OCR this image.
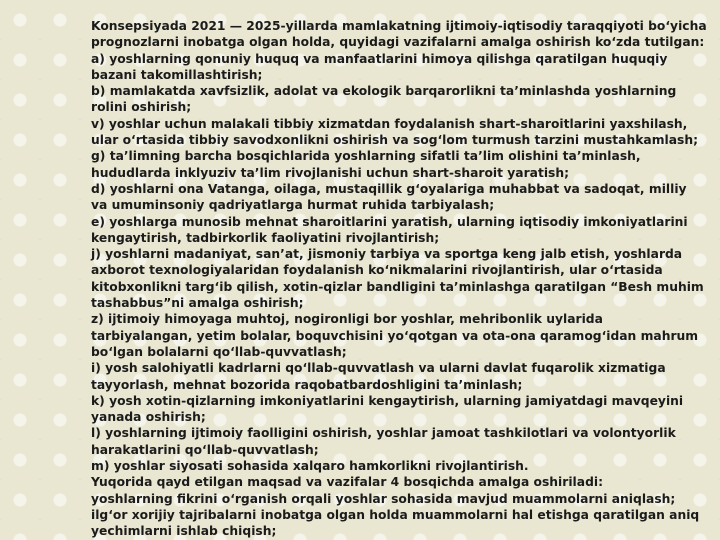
Konsepsiyada 2021 — 2025-yillarda mamlakatning ijtimoiy-iqtisodiy taraqqiyoti bo‘yicha prognozlarni inobatga olgan holda, quyidagi vazifalarni amalga oshirish ko‘zda tutilgan:

a) yoshlarning qonuniy huquq va manfaatlarini himoya qilishga qaratilgan huquqiy bazani takomillashtirish;

b) mamlakatda xavfsizlik, adolat va ekologik barqarorlikni ta’minlashda yoshlarning rolini oshirish;

v) yoshlar uchun malakali tibbiy xizmatdan foydalanish shart-sharoitlarini yaxshilash, ular o‘rtasida tibbiy savodxonlikni oshirish va sog‘lom turmush tarzini mustahkamlash;

g) ta’limning barcha bosqichlarida yoshlarning sifatli ta’lim olishini ta’minlash, hududlarda inklyuziv ta’lim rivojlanishi uchun shart-sharoit yaratish;

d) yoshlarni ona Vatanga, oilaga, mustaqillik g‘oyalariga muhabbat va sadoqat, milliy va umuminsoniy qadriyatlarga hurmat ruhida tarbiyalash;

e) yoshlarga munosib mehnat sharoitlarini yaratish, ularning iqtisodiy imkoniyatlarini kengaytirish, tadbirkorlik faoliyatini rivojlantirish;

j) yoshlarni madaniyat, san’at, jismoniy tarbiya va sportga keng jalb etish, yoshlarda axborot texnologiyalaridan foydalanish ko‘nikmalarini rivojlantirish, ular o‘rtasida kitobxonlikni targ‘ib qilish, xotin-qizlar bandligini ta’minlashga qaratilgan “Besh muhim tashabbus”ni amalga oshirish;

z) ijtimoiy himoyaga muhtoj, nogironligi bor yoshlar, mehribonlik uylarida tarbiyalangan, yetim bolalar, boquvchisini yo‘qotgan va ota-ona qaramog‘idan mahrum bo‘lgan bolalarni qo‘llab-quvvatlash;

i) yosh salohiyatli kadrlarni qo‘llab-quvvatlash va ularni davlat fuqarolik xizmatiga tayyorlash, mehnat bozorida raqobatbardoshligini ta’minlash;

k) yosh xotin-qizlarning imkoniyatlarini kengaytirish, ularning jamiyatdagi mavqeyini yanada oshirish;

l) yoshlarning ijtimoiy faolligini oshirish, yoshlar jamoat tashkilotlari va volontyorlik harakatlarini qo‘llab-quvvatlash;

m) yoshlar siyosati sohasida xalqaro hamkorlikni rivojlantirish.

Yuqorida qayd etilgan maqsad va vazifalar 4 bosqichda amalga oshiriladi:

yoshlarning fikrini o‘rganish orqali yoshlar sohasida mavjud muammolarni aniqlash;

ilg‘or xorijiy tajribalarni inobatga olgan holda muammolarni hal etishga qaratilgan aniq yechimlarni ishlab chiqish;
